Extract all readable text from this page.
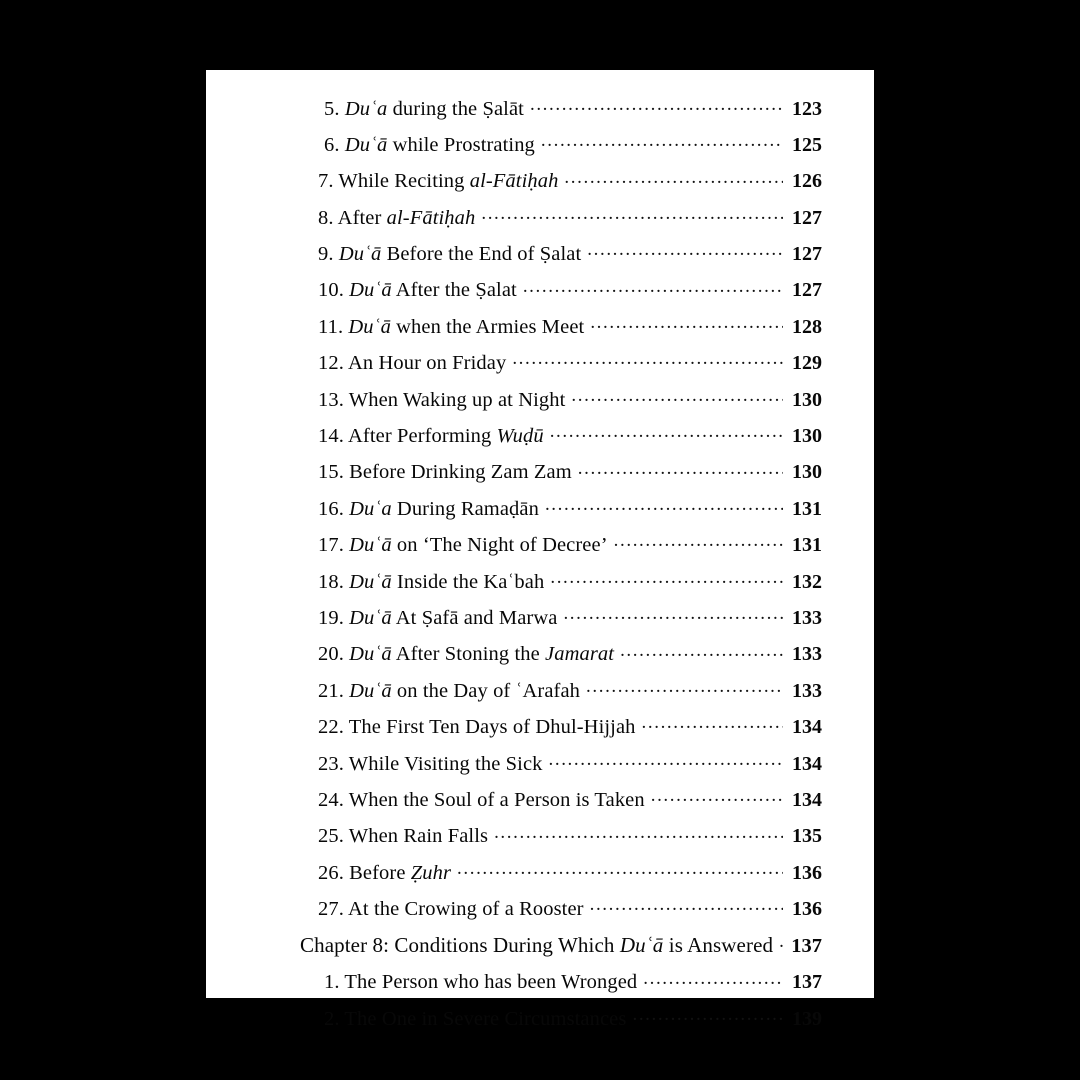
5. Duʿa during the Ṣalāt .....	123
6. Duʿā while Prostrating .....	125
7. While Reciting al-Fātiḥah .....	126
8. After al-Fātiḥah .....	127
9. Duʿā Before the End of Ṣalat .....	127
10. Duʿā After the Ṣalat .....	127
11. Duʿā when the Armies Meet .....	128
12. An Hour on Friday .....	129
13. When Waking up at Night .....	130
14. After Performing Wuḍū .....	130
15. Before Drinking Zam Zam .....	130
16. Duʿa During Ramaḍān .....	131
17. Duʿā on ‘The Night of Decree’ .....	131
18. Duʿā Inside the Kaʿbah .....	132
19. Duʿā At Ṣafā and Marwa .....	133
20. Duʿā After Stoning the Jamarat .....	133
21. Duʿā on the Day of ʿArafah .....	133
22. The First Ten Days of Dhul-Hijjah .....	134
23. While Visiting the Sick .....	134
24. When the Soul of a Person is Taken .....	134
25. When Rain Falls .....	135
26. Before Ẓuhr .....	136
27. At the Crowing of a Rooster .....	136
Chapter 8: Conditions During Which Duʿā is Answered ..... 137
1. The Person who has been Wronged .....	137
2. The One in Severe Circumstances .....	139
